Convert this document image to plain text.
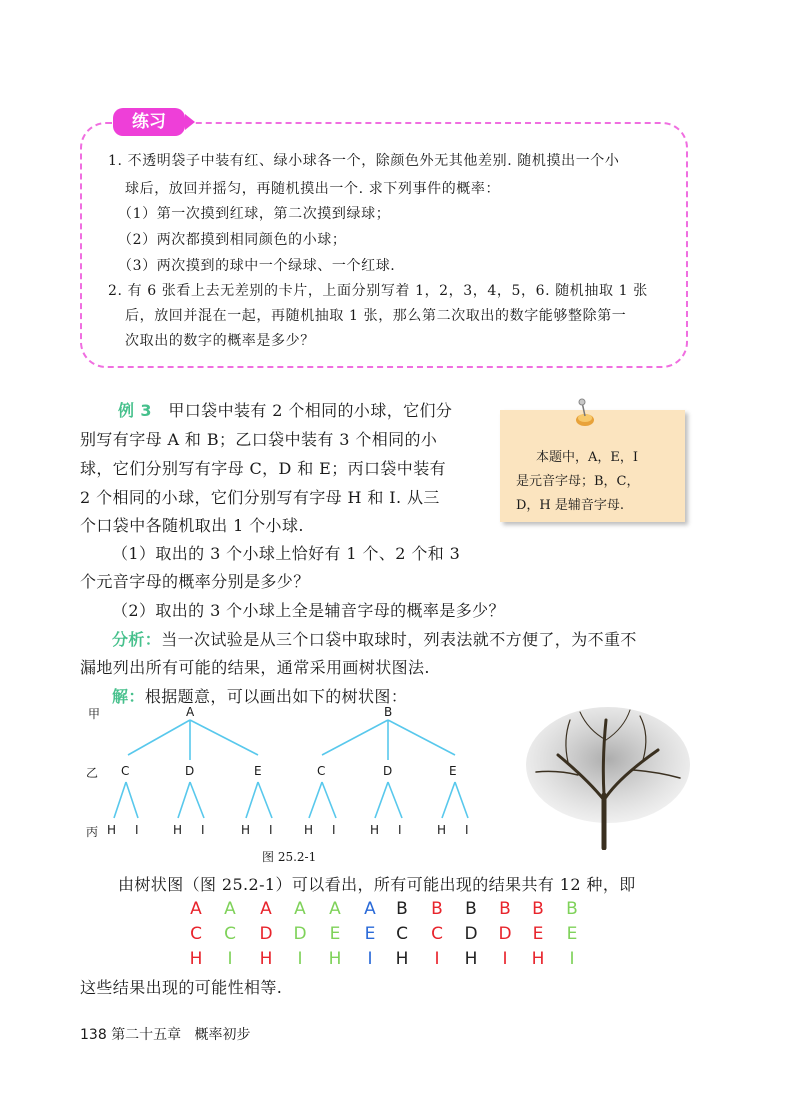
练习
1. 不透明袋子中装有红、绿小球各一个，除颜色外无其他差别. 随机摸出一个小
球后，放回并摇匀，再随机摸出一个. 求下列事件的概率：
（1）第一次摸到红球，第二次摸到绿球；
（2）两次都摸到相同颜色的小球；
（3）两次摸到的球中一个绿球、一个红球.
2. 有 6 张看上去无差别的卡片，上面分别写着 1，2，3，4，5，6. 随机抽取 1 张
后，放回并混在一起，再随机抽取 1 张，那么第二次取出的数字能够整除第一
次取出的数字的概率是多少？
例 3 甲口袋中装有 2 个相同的小球，它们分
别写有字母 A 和 B；乙口袋中装有 3 个相同的小
球，它们分别写有字母 C，D 和 E；丙口袋中装有
2 个相同的小球，它们分别写有字母 H 和 I. 从三
个口袋中各随机取出 1 个小球.
（1）取出的 3 个小球上恰好有 1 个、2 个和 3
个元音字母的概率分别是多少？
（2）取出的 3 个小球上全是辅音字母的概率是多少？
分析：当一次试验是从三个口袋中取球时，列表法就不方便了，为不重不
漏地列出所有可能的结果，通常采用画树状图法.
解：根据题意，可以画出如下的树状图：
本题中，A，E，I
是元音字母；B，C，
D，H 是辅音字母.
甲
乙
丙
A	B
C	D	E	C	D	E
H I	H I	H I	H I	H I	H I
图 25.2-1
由树状图（图 25.2-1）可以看出，所有可能出现的结果共有 12 种，即
A A A A A A B B B B B B
C C D D E E C C D D E E
H	I	H	I	H	I	H	I	H	I	H	I
这些结果出现的可能性相等.
138 第二十五章 概率初步
